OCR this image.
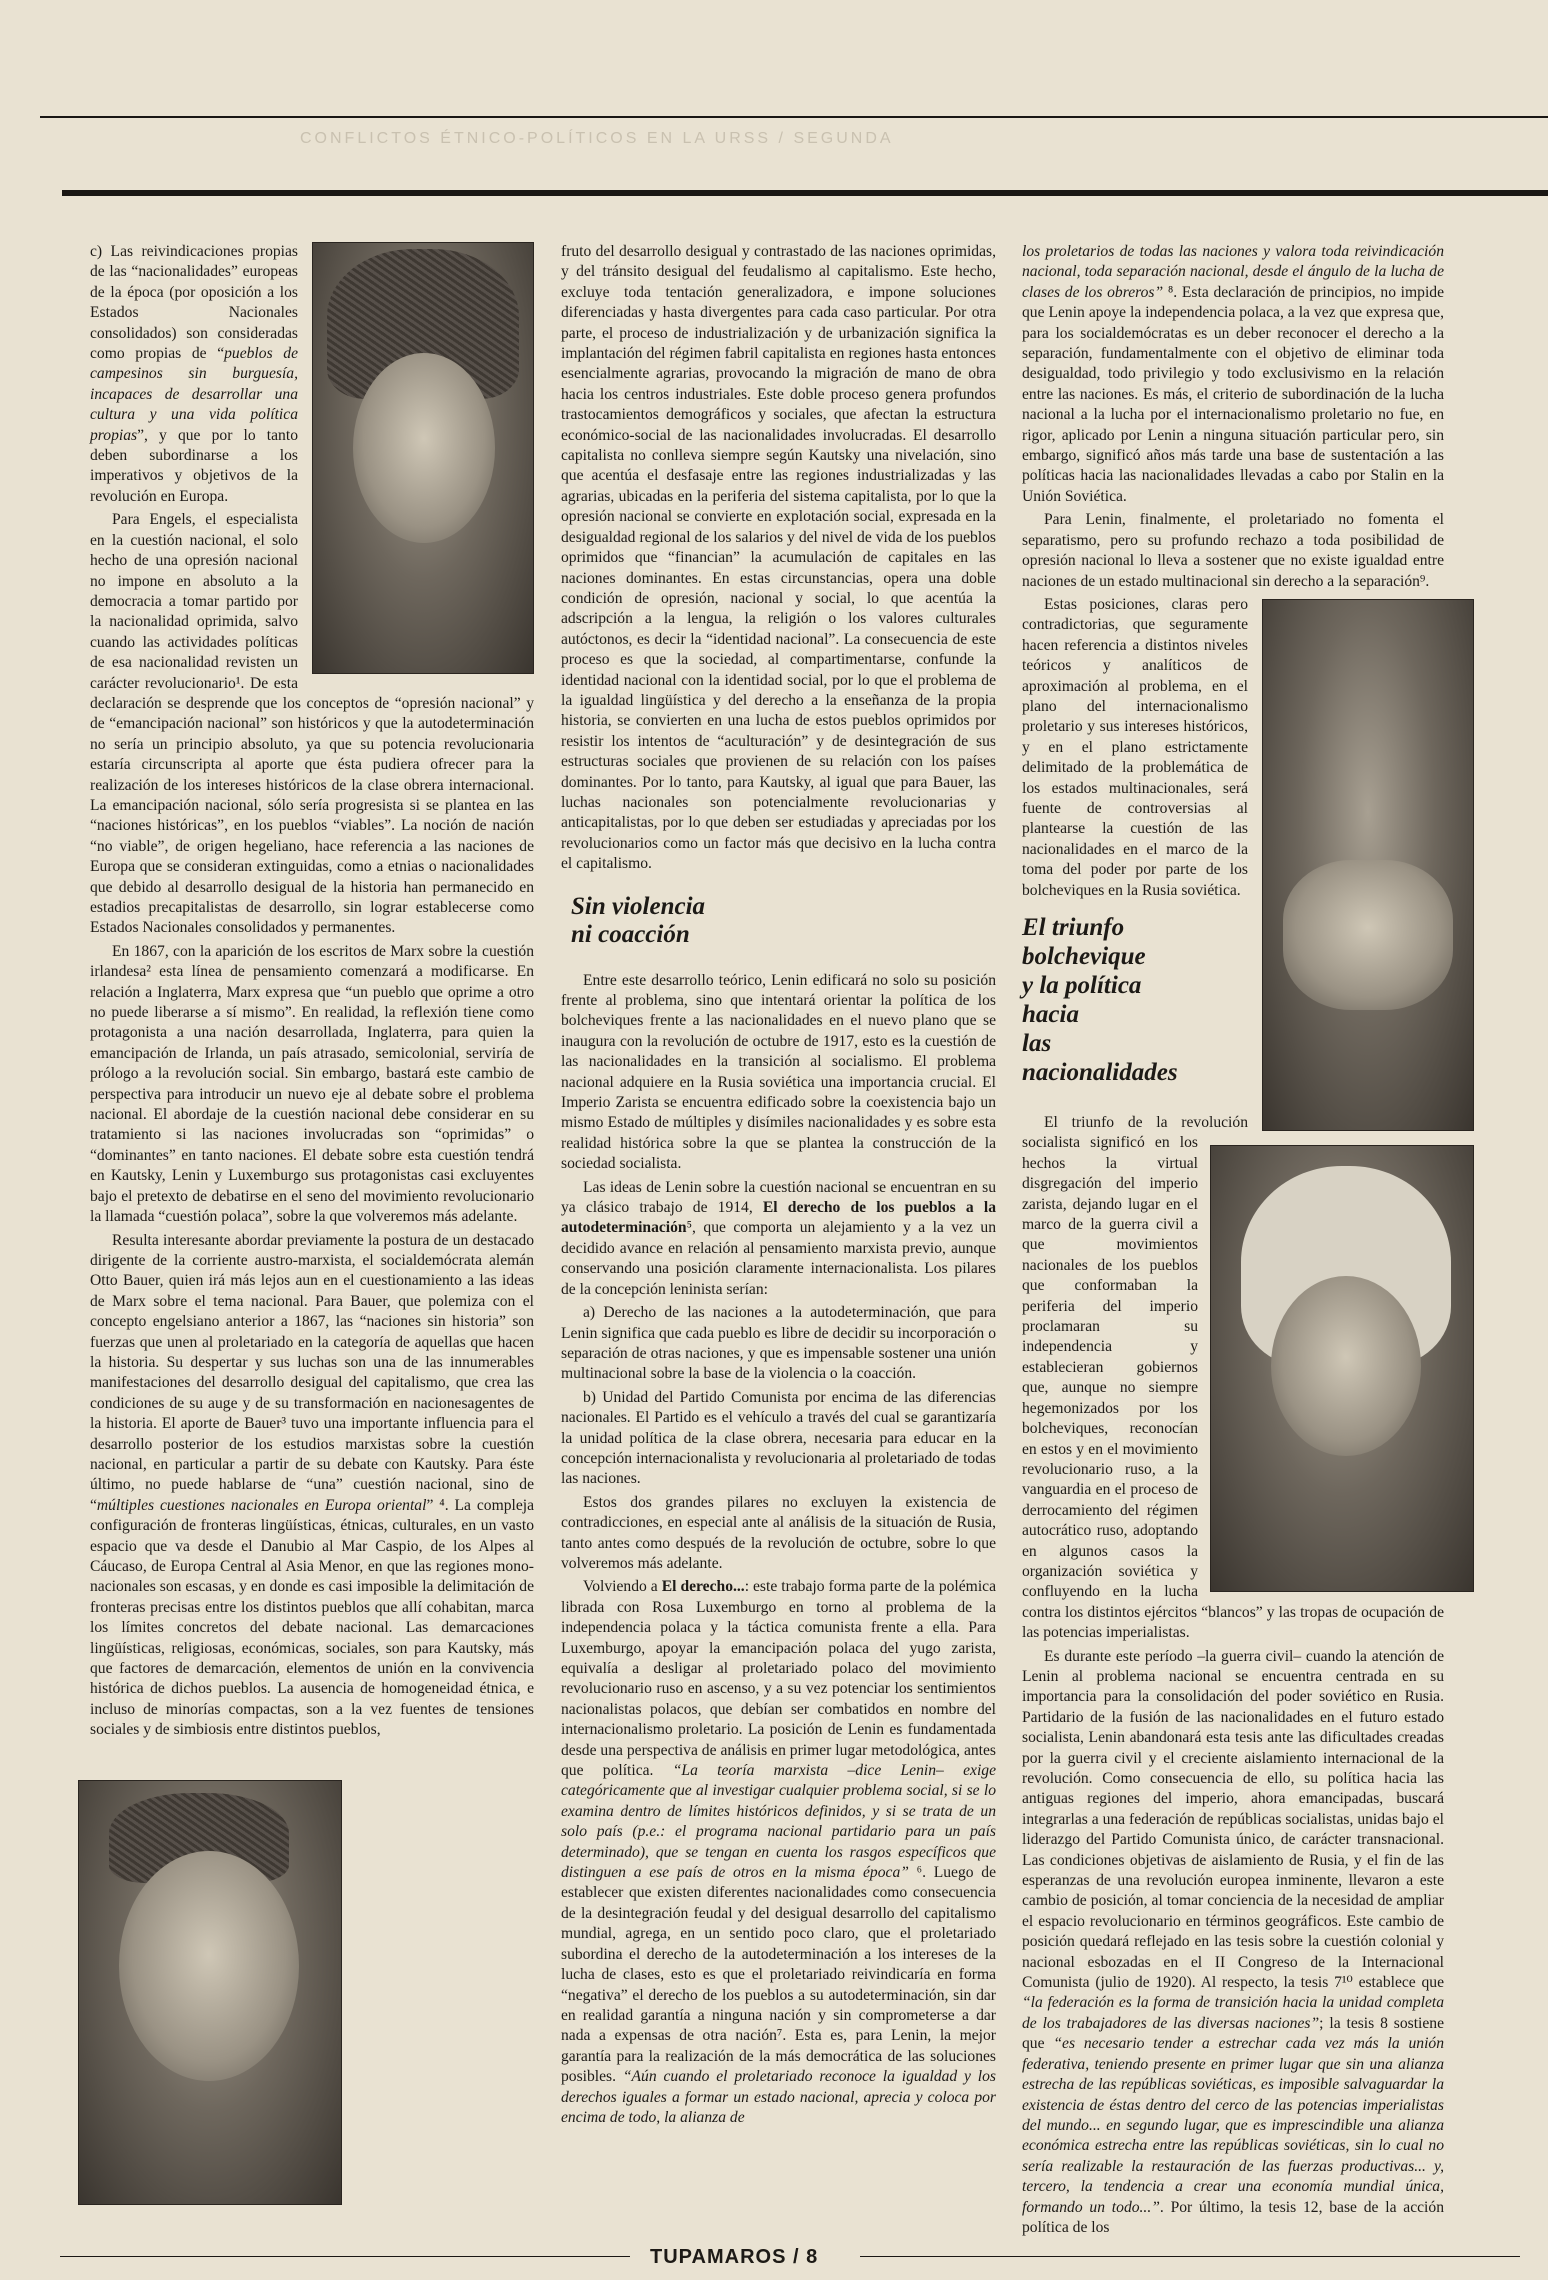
CONFLICTOS ÉTNICO-POLÍTICOS EN LA URSS / SEGUNDA

c) Las reivindicaciones propias de las “nacionalidades” europeas de la época (por oposición a los Estados Nacionales consolidados) son consideradas como propias de “pueblos de campesinos sin burguesía, incapaces de desarrollar una cultura y una vida política propias”, y que por lo tanto deben subordinarse a los imperativos y objetivos de la revolución en Europa.

Para Engels, el especialista en la cuestión nacional, el solo hecho de una opresión nacional no impone en absoluto a la democracia a tomar partido por la nacionalidad oprimida, salvo cuando las actividades políticas de esa nacionalidad revisten un carácter revolucionario¹. De esta declaración se desprende que los conceptos de “opresión nacional” y de “emancipación nacional” son históricos y que la autodeterminación no sería un principio absoluto, ya que su potencia revolucionaria estaría circunscripta al aporte que ésta pudiera ofrecer para la realización de los intereses históricos de la clase obrera internacional. La emancipación nacional, sólo sería progresista si se plantea en las “naciones históricas”, en los pueblos “viables”. La noción de nación “no viable”, de origen hegeliano, hace referencia a las naciones de Europa que se consideran extinguidas, como a etnias o nacionalidades que debido al desarrollo desigual de la historia han permanecido en estadios precapitalistas de desarrollo, sin lograr establecerse como Estados Nacionales consolidados y permanentes.

En 1867, con la aparición de los escritos de Marx sobre la cuestión irlandesa² esta línea de pensamiento comenzará a modificarse. En relación a Inglaterra, Marx expresa que “un pueblo que oprime a otro no puede liberarse a sí mismo”. En realidad, la reflexión tiene como protagonista a una nación desarrollada, Inglaterra, para quien la emancipación de Irlanda, un país atrasado, semicolonial, serviría de prólogo a la revolución social. Sin embargo, bastará este cambio de perspectiva para introducir un nuevo eje al debate sobre el problema nacional. El abordaje de la cuestión nacional debe considerar en su tratamiento si las naciones involucradas son “oprimidas” o “dominantes” en tanto naciones. El debate sobre esta cuestión tendrá en Kautsky, Lenin y Luxemburgo sus protagonistas casi excluyentes bajo el pretexto de debatirse en el seno del movimiento revolucionario la llamada “cuestión polaca”, sobre la que volveremos más adelante.

Resulta interesante abordar previamente la postura de un destacado dirigente de la corriente austro-marxista, el socialdemócrata alemán Otto Bauer, quien irá más lejos aun en el cuestionamiento a las ideas de Marx sobre el tema nacional. Para Bauer, que polemiza con el concepto engelsiano anterior a 1867, las “naciones sin historia” son fuerzas que unen al proletariado en la categoría de aquellas que hacen la historia. Su despertar y sus luchas son una de las innumerables manifestaciones del desarrollo desigual del capitalismo, que crea las condiciones de su auge y de su transformación en nacionesagentes de la historia. El aporte de Bauer³ tuvo una importante influencia para el desarrollo posterior de los estudios marxistas sobre la cuestión nacional, en particular a partir de su debate con Kautsky. Para éste último, no puede hablarse de “una” cuestión nacional, sino de “múltiples cuestiones nacionales en Europa oriental” ⁴. La compleja configuración de fronteras lingüísticas, étnicas, culturales, en un vasto espacio que va desde el Danubio al Mar Caspio, de los Alpes al Cáucaso, de Europa Central al Asia Menor, en que las regiones mono-nacionales son escasas, y en donde es casi imposible la delimitación de fronteras precisas entre los distintos pueblos que allí cohabitan, marca los límites concretos del debate nacional. Las demarcaciones lingüísticas, religiosas, económicas, sociales, son para Kautsky, más que factores de demarcación, elementos de unión en la convivencia histórica de dichos pueblos. La ausencia de homogeneidad étnica, e incluso de minorías compactas, son a la vez fuentes de tensiones sociales y de simbiosis entre distintos pueblos,

fruto del desarrollo desigual y contrastado de las naciones oprimidas, y del tránsito desigual del feudalismo al capitalismo. Este hecho, excluye toda tentación generalizadora, e impone soluciones diferenciadas y hasta divergentes para cada caso particular. Por otra parte, el proceso de industrialización y de urbanización significa la implantación del régimen fabril capitalista en regiones hasta entonces esencialmente agrarias, provocando la migración de mano de obra hacia los centros industriales. Este doble proceso genera profundos trastocamientos demográficos y sociales, que afectan la estructura económico-social de las nacionalidades involucradas. El desarrollo capitalista no conlleva siempre según Kautsky una nivelación, sino que acentúa el desfasaje entre las regiones industrializadas y las agrarias, ubicadas en la periferia del sistema capitalista, por lo que la opresión nacional se convierte en explotación social, expresada en la desigualdad regional de los salarios y del nivel de vida de los pueblos oprimidos que “financian” la acumulación de capitales en las naciones dominantes. En estas circunstancias, opera una doble condición de opresión, nacional y social, lo que acentúa la adscripción a la lengua, la religión o los valores culturales autóctonos, es decir la “identidad nacional”. La consecuencia de este proceso es que la sociedad, al compartimentarse, confunde la identidad nacional con la identidad social, por lo que el problema de la igualdad lingüística y del derecho a la enseñanza de la propia historia, se convierten en una lucha de estos pueblos oprimidos por resistir los intentos de “aculturación” y de desintegración de sus estructuras sociales que provienen de su relación con los países dominantes. Por lo tanto, para Kautsky, al igual que para Bauer, las luchas nacionales son potencialmente revolucionarias y anticapitalistas, por lo que deben ser estudiadas y apreciadas por los revolucionarios como un factor más que decisivo en la lucha contra el capitalismo.

Sin violencia
ni coacción

Entre este desarrollo teórico, Lenin edificará no solo su posición frente al problema, sino que intentará orientar la política de los bolcheviques frente a las nacionalidades en el nuevo plano que se inaugura con la revolución de octubre de 1917, esto es la cuestión de las nacionalidades en la transición al socialismo. El problema nacional adquiere en la Rusia soviética una importancia crucial. El Imperio Zarista se encuentra edificado sobre la coexistencia bajo un mismo Estado de múltiples y disímiles nacionalidades y es sobre esta realidad histórica sobre la que se plantea la construcción de la sociedad socialista.

Las ideas de Lenin sobre la cuestión nacional se encuentran en su ya clásico trabajo de 1914, El derecho de los pueblos a la autodeterminación⁵, que comporta un alejamiento y a la vez un decidido avance en relación al pensamiento marxista previo, aunque conservando una posición claramente internacionalista. Los pilares de la concepción leninista serían:

a) Derecho de las naciones a la autodeterminación, que para Lenin significa que cada pueblo es libre de decidir su incorporación o separación de otras naciones, y que es impensable sostener una unión multinacional sobre la base de la violencia o la coacción.

b) Unidad del Partido Comunista por encima de las diferencias nacionales. El Partido es el vehículo a través del cual se garantizaría la unidad política de la clase obrera, necesaria para educar en la concepción internacionalista y revolucionaria al proletariado de todas las naciones.

Estos dos grandes pilares no excluyen la existencia de contradicciones, en especial ante al análisis de la situación de Rusia, tanto antes como después de la revolución de octubre, sobre lo que volveremos más adelante.

Volviendo a El derecho...: este trabajo forma parte de la polémica librada con Rosa Luxemburgo en torno al problema de la independencia polaca y la táctica comunista frente a ella. Para Luxemburgo, apoyar la emancipación polaca del yugo zarista, equivalía a desligar al proletariado polaco del movimiento revolucionario ruso en ascenso, y a su vez potenciar los sentimientos nacionalistas polacos, que debían ser combatidos en nombre del internacionalismo proletario. La posición de Lenin es fundamentada desde una perspectiva de análisis en primer lugar metodológica, antes que política. “La teoría marxista –dice Lenin– exige categóricamente que al investigar cualquier problema social, si se lo examina dentro de límites históricos definidos, y si se trata de un solo país (p.e.: el programa nacional partidario para un país determinado), que se tengan en cuenta los rasgos específicos que distinguen a ese país de otros en la misma época” ⁶. Luego de establecer que existen diferentes nacionalidades como consecuencia de la desintegración feudal y del desigual desarrollo del capitalismo mundial, agrega, en un sentido poco claro, que el proletariado subordina el derecho de la autodeterminación a los intereses de la lucha de clases, esto es que el proletariado reivindicaría en forma “negativa” el derecho de los pueblos a su autodeterminación, sin dar en realidad garantía a ninguna nación y sin comprometerse a dar nada a expensas de otra nación⁷. Esta es, para Lenin, la mejor garantía para la realización de la más democrática de las soluciones posibles. “Aún cuando el proletariado reconoce la igualdad y los derechos iguales a formar un estado nacional, aprecia y coloca por encima de todo, la alianza de

los proletarios de todas las naciones y valora toda reivindicación nacional, toda separación nacional, desde el ángulo de la lucha de clases de los obreros” ⁸. Esta declaración de principios, no impide que Lenin apoye la independencia polaca, a la vez que expresa que, para los socialdemócratas es un deber reconocer el derecho a la separación, fundamentalmente con el objetivo de eliminar toda desigualdad, todo privilegio y todo exclusivismo en la relación entre las naciones. Es más, el criterio de subordinación de la lucha nacional a la lucha por el internacionalismo proletario no fue, en rigor, aplicado por Lenin a ninguna situación particular pero, sin embargo, significó años más tarde una base de sustentación a las políticas hacia las nacionalidades llevadas a cabo por Stalin en la Unión Soviética.

Para Lenin, finalmente, el proletariado no fomenta el separatismo, pero su profundo rechazo a toda posibilidad de opresión nacional lo lleva a sostener que no existe igualdad entre naciones de un estado multinacional sin derecho a la separación⁹.

Estas posiciones, claras pero contradictorias, que seguramente hacen referencia a distintos niveles teóricos y analíticos de aproximación al problema, en el plano del internacionalismo proletario y sus intereses históricos, y en el plano estrictamente delimitado de la problemática de los estados multinacionales, será fuente de controversias al plantearse la cuestión de las nacionalidades en el marco de la toma del poder por parte de los bolcheviques en la Rusia soviética.

El triunfo
bolchevique
y la política
hacia
las
nacionalidades

El triunfo de la revolución socialista significó en los hechos la virtual disgregación del imperio zarista, dejando lugar en el marco de la guerra civil a que movimientos nacionales de los pueblos que conformaban la periferia del imperio proclamaran su independencia y establecieran gobiernos que, aunque no siempre hegemonizados por los bolcheviques, reconocían en estos y en el movimiento revolucionario ruso, a la vanguardia en el proceso de derrocamiento del régimen autocrático ruso, adoptando en algunos casos la organización soviética y confluyendo en la lucha contra los distintos ejércitos “blancos” y las tropas de ocupación de las potencias imperialistas.

Es durante este período –la guerra civil– cuando la atención de Lenin al problema nacional se encuentra centrada en su importancia para la consolidación del poder soviético en Rusia. Partidario de la fusión de las nacionalidades en el futuro estado socialista, Lenin abandonará esta tesis ante las dificultades creadas por la guerra civil y el creciente aislamiento internacional de la revolución. Como consecuencia de ello, su política hacia las antiguas regiones del imperio, ahora emancipadas, buscará integrarlas a una federación de repúblicas socialistas, unidas bajo el liderazgo del Partido Comunista único, de carácter transnacional. Las condiciones objetivas de aislamiento de Rusia, y el fin de las esperanzas de una revolución europea inminente, llevaron a este cambio de posición, al tomar conciencia de la necesidad de ampliar el espacio revolucionario en términos geográficos. Este cambio de posición quedará reflejado en las tesis sobre la cuestión colonial y nacional esbozadas en el II Congreso de la Internacional Comunista (julio de 1920). Al respecto, la tesis 7¹⁰ establece que “la federación es la forma de transición hacia la unidad completa de los trabajadores de las diversas naciones”; la tesis 8 sostiene que “es necesario tender a estrechar cada vez más la unión federativa, teniendo presente en primer lugar que sin una alianza estrecha de las repúblicas soviéticas, es imposible salvaguardar la existencia de éstas dentro del cerco de las potencias imperialistas del mundo... en segundo lugar, que es imprescindible una alianza económica estrecha entre las repúblicas soviéticas, sin lo cual no sería realizable la restauración de las fuerzas productivas... y, tercero, la tendencia a crear una economía mundial única, formando un todo...”. Por último, la tesis 12, base de la acción política de los

TUPAMAROS / 8
